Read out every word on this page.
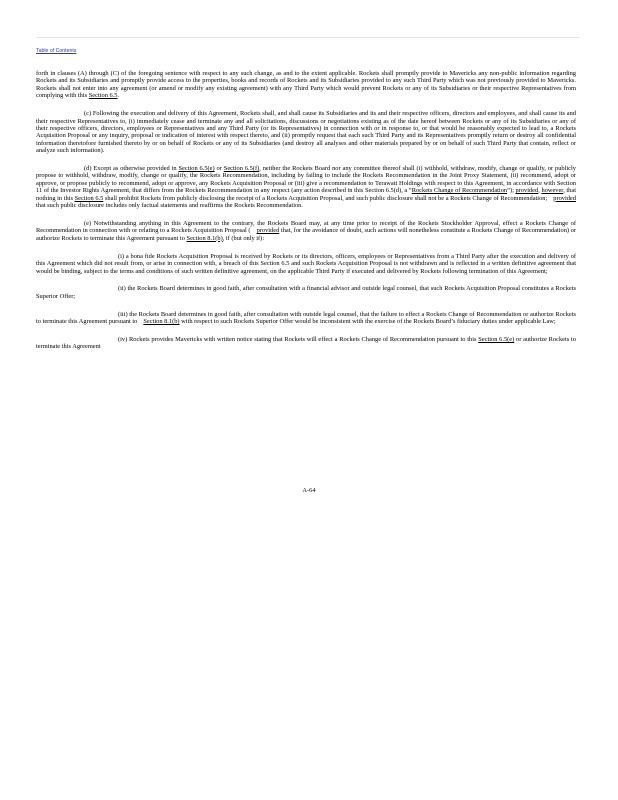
Table of Contents

forth in clauses (A) through (C) of the foregoing sentence with respect to any such change, as and to the extent applicable. Rockets shall promptly provide to Mavericks any non-public information regarding Rockets and its Subsidiaries and promptly provide access to the properties, books and records of Rockets and its Subsidiaries provided to any such Third Party which was not previously provided to Mavericks. Rockets shall not enter into any agreement (or amend or modify any existing agreement) with any Third Party which would prevent Rockets or any of its Subsidiaries or their respective Representatives from complying with this Section 6.5.

(c) Following the execution and delivery of this Agreement, Rockets shall, and shall cause its Subsidiaries and its and their respective officers, directors and employees, and shall cause its and their respective Representatives to, (i) immediately cease and terminate any and all solicitations, discussions or negotiations existing as of the date hereof between Rockets or any of its Subsidiaries or any of their respective officers, directors, employees or Representatives and any Third Party (or its Representatives) in connection with or in response to, or that would be reasonably expected to lead to, a Rockets Acquisition Proposal or any inquiry, proposal or indication of interest with respect thereto, and (ii) promptly request that each such Third Party and its Representatives promptly return or destroy all confidential information theretofore furnished thereto by or on behalf of Rockets or any of its Subsidiaries (and destroy all analyses and other materials prepared by or on behalf of such Third Party that contain, reflect or analyze such information).

(d) Except as otherwise provided in Section 6.5(e) or Section 6.5(f), neither the Rockets Board nor any committee thereof shall (i) withhold, withdraw, modify, change or qualify, or publicly propose to withhold, withdraw, modify, change or qualify, the Rockets Recommendation, including by failing to include the Rockets Recommendation in the Joint Proxy Statement, (ii) recommend, adopt or approve, or propose publicly to recommend, adopt or approve, any Rockets Acquisition Proposal or (iii) give a recommendation to Terawatt Holdings with respect to this Agreement, in accordance with Section 11 of the Investor Rights Agreement, that differs from the Rockets Recommendation in any respect (any action described in this Section 6.5(d), a “Rockets Change of Recommendation”); provided, however, that nothing in this Section 6.5 shall prohibit Rockets from publicly disclosing the receipt of a Rockets Acquisition Proposal, and such public disclosure shall not be a Rockets Change of Recommendation; provided that such public disclosure includes only factual statements and reaffirms the Rockets Recommendation.

(e) Notwithstanding anything in this Agreement to the contrary, the Rockets Board may, at any time prior to receipt of the Rockets Stockholder Approval, effect a Rockets Change of Recommendation in connection with or relating to a Rockets Acquisition Proposal ( provided that, for the avoidance of doubt, such actions will nonetheless constitute a Rockets Change of Recommendation) or authorize Rockets to terminate this Agreement pursuant to Section 8.1(b), if (but only if):

(i) a bona fide Rockets Acquisition Proposal is received by Rockets or its directors, officers, employees or Representatives from a Third Party after the execution and delivery of this Agreement which did not result from, or arise in connection with, a breach of this Section 6.5 and such Rockets Acquisition Proposal is not withdrawn and is reflected in a written definitive agreement that would be binding, subject to the terms and conditions of such written definitive agreement, on the applicable Third Party if executed and delivered by Rockets following termination of this Agreement;

(ii) the Rockets Board determines in good faith, after consultation with a financial advisor and outside legal counsel, that such Rockets Acquisition Proposal constitutes a Rockets Superior Offer;

(iii) the Rockets Board determines in good faith, after consultation with outside legal counsel, that the failure to effect a Rockets Change of Recommendation or authorize Rockets to terminate this Agreement pursuant to Section 8.1(b) with respect to such Rockets Superior Offer would be inconsistent with the exercise of the Rockets Board’s fiduciary duties under applicable Law;

(iv) Rockets provides Mavericks with written notice stating that Rockets will effect a Rockets Change of Recommendation pursuant to this Section 6.5(e) or authorize Rockets to terminate this Agreement

A-64
